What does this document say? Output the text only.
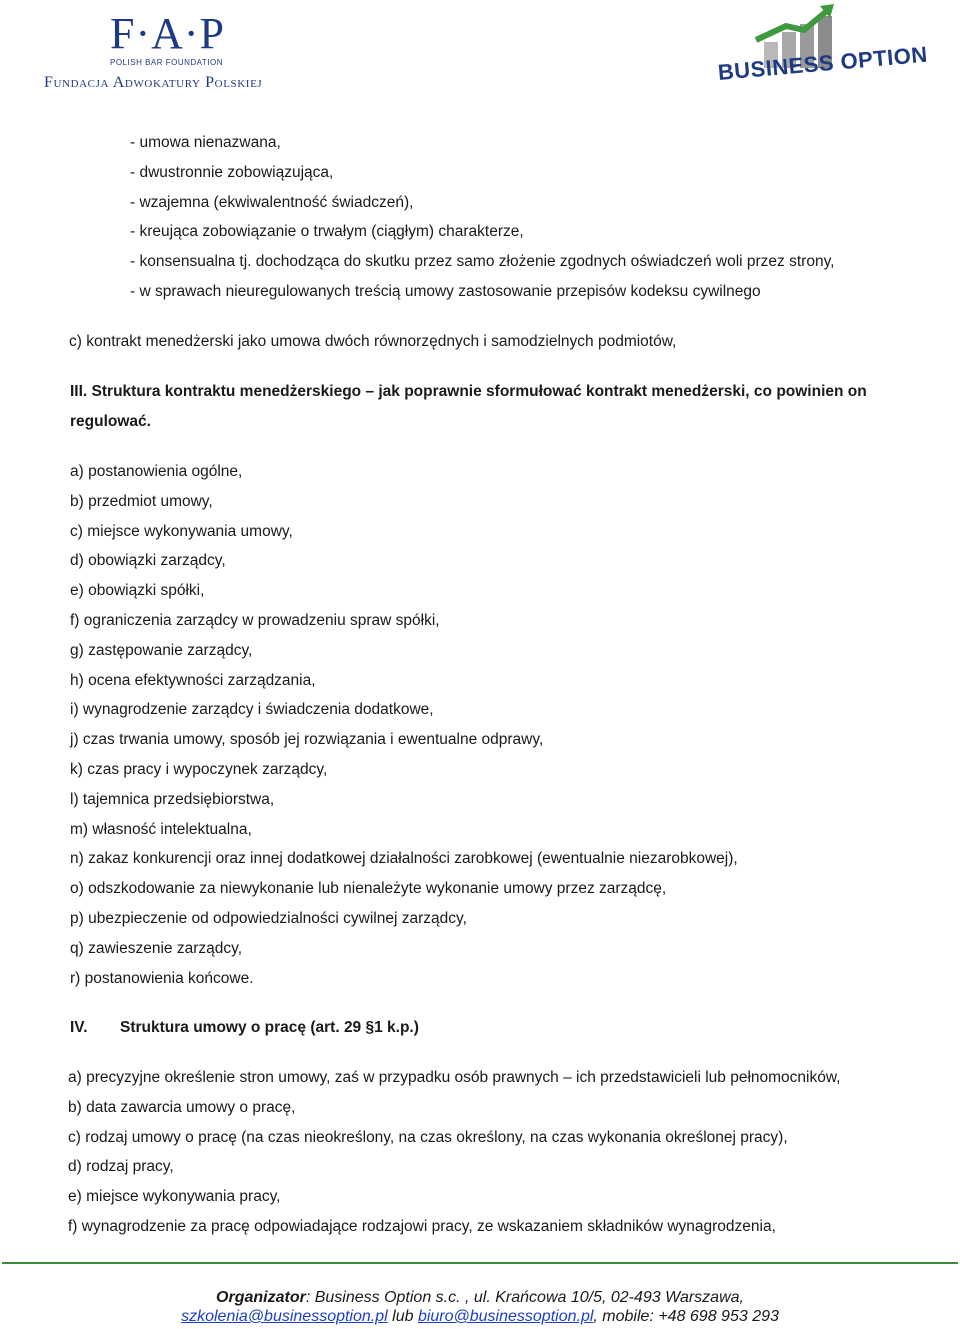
F·A·P
POLISH BAR FOUNDATION
Fundacja Adwokatury Polskiej	BUSINESS OPTION
- umowa nienazwana,
- dwustronnie zobowiązująca,
- wzajemna (ekwiwalentność świadczeń),
- kreująca zobowiązanie o trwałym (ciągłym) charakterze,
- konsensualna tj. dochodząca do skutku przez samo złożenie zgodnych oświadczeń woli przez strony,
- w sprawach nieuregulowanych treścią umowy zastosowanie przepisów kodeksu cywilnego
c) kontrakt menedżerski jako umowa dwóch równorzędnych i samodzielnych podmiotów,
III. Struktura kontraktu menedżerskiego – jak poprawnie sformułować kontrakt menedżerski, co powinien on
regulować.
a) postanowienia ogólne,
b) przedmiot umowy,
c) miejsce wykonywania umowy,
d) obowiązki zarządcy,
e) obowiązki spółki,
f) ograniczenia zarządcy w prowadzeniu spraw spółki,
g) zastępowanie zarządcy,
h) ocena efektywności zarządzania,
i) wynagrodzenie zarządcy i świadczenia dodatkowe,
j) czas trwania umowy, sposób jej rozwiązania i ewentualne odprawy,
k) czas pracy i wypoczynek zarządcy,
l) tajemnica przedsiębiorstwa,
m) własność intelektualna,
n) zakaz konkurencji oraz innej dodatkowej działalności zarobkowej (ewentualnie niezarobkowej),
o) odszkodowanie za niewykonanie lub nienależyte wykonanie umowy przez zarządcę,
p) ubezpieczenie od odpowiedzialności cywilnej zarządcy,
q) zawieszenie zarządcy,
r) postanowienia końcowe.
IV. Struktura umowy o pracę (art. 29 §1 k.p.)
a) precyzyjne określenie stron umowy, zaś w przypadku osób prawnych – ich przedstawicieli lub pełnomocników,
b) data zawarcia umowy o pracę,
c) rodzaj umowy o pracę (na czas nieokreślony, na czas określony, na czas wykonania określonej pracy),
d) rodzaj pracy,
e) miejsce wykonywania pracy,
f) wynagrodzenie za pracę odpowiadające rodzajowi pracy, ze wskazaniem składników wynagrodzenia,
Organizator: Business Option s.c. , ul. Krańcowa 10/5, 02-493 Warszawa,
szkolenia@businessoption.pl lub biuro@businessoption.pl, mobile: +48 698 953 293
